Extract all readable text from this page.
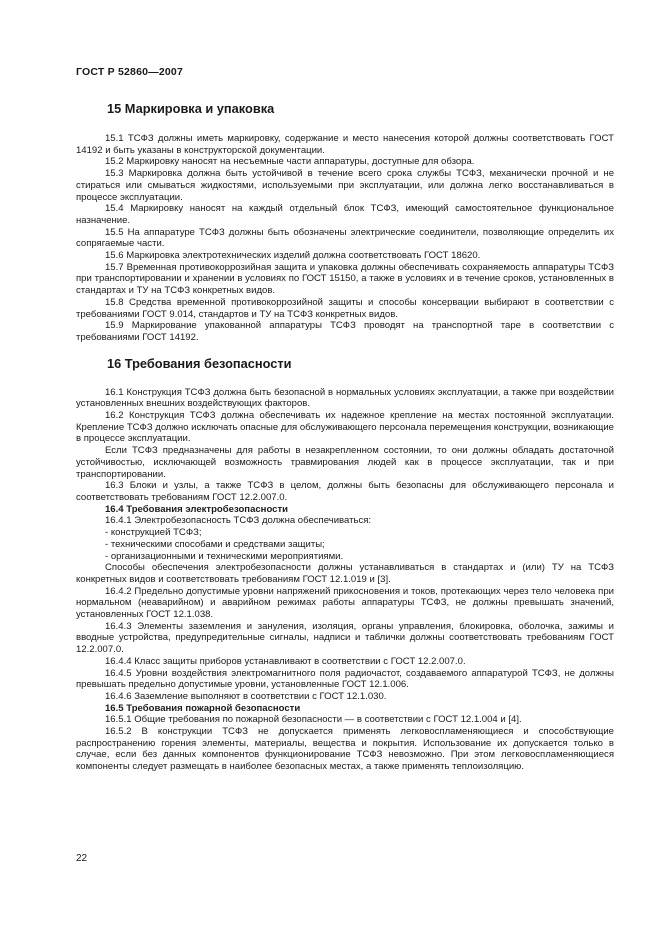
ГОСТ Р 52860—2007
15 Маркировка и упаковка

15.1 ТСФЗ должны иметь маркировку, содержание и место нанесения которой должны соответствовать ГОСТ 14192 и быть указаны в конструкторской документации.

15.2 Маркировку наносят на несъемные части аппаратуры, доступные для обзора.

15.3 Маркировка должна быть устойчивой в течение всего срока службы ТСФЗ, механически прочной и не стираться или смываться жидкостями, используемыми при эксплуатации, или должна легко восстанавливаться в процессе эксплуатации.

15.4 Маркировку наносят на каждый отдельный блок ТСФЗ, имеющий самостоятельное функциональное назначение.

15.5 На аппаратуре ТСФЗ должны быть обозначены электрические соединители, позволяющие определить их сопрягаемые части.

15.6 Маркировка электротехнических изделий должна соответствовать ГОСТ 18620.

15.7 Временная противокоррозийная защита и упаковка должны обеспечивать сохраняемость аппаратуры ТСФЗ при транспортировании и хранении в условиях по ГОСТ 15150, а также в условиях и в течение сроков, установленных в стандартах и ТУ на ТСФЗ конкретных видов.

15.8 Средства временной противокоррозийной защиты и способы консервации выбирают в соответствии с требованиями ГОСТ 9.014, стандартов и ТУ на ТСФЗ конкретных видов.

15.9 Маркирование упакованной аппаратуры ТСФЗ проводят на транспортной таре в соответствии с требованиями ГОСТ 14192.

16 Требования безопасности

16.1 Конструкция ТСФЗ должна быть безопасной в нормальных условиях эксплуатации, а также при воздействии установленных внешних воздействующих факторов.

16.2 Конструкция ТСФЗ должна обеспечивать их надежное крепление на местах постоянной эксплуатации. Крепление ТСФЗ должно исключать опасные для обслуживающего персонала перемещения конструкции, возникающие в процессе эксплуатации.

Если ТСФЗ предназначены для работы в незакрепленном состоянии, то они должны обладать достаточной устойчивостью, исключающей возможность травмирования людей как в процессе эксплуатации, так и при транспортировании.

16.3 Блоки и узлы, а также ТСФЗ в целом, должны быть безопасны для обслуживающего персонала и соответствовать требованиям ГОСТ 12.2.007.0.

16.4 Требования электробезопасности

16.4.1 Электробезопасность ТСФЗ должна обеспечиваться:

- конструкцией ТСФЗ;

- техническими способами и средствами защиты;

- организационными и техническими мероприятиями.

Способы обеспечения электробезопасности должны устанавливаться в стандартах и (или) ТУ на ТСФЗ конкретных видов и соответствовать требованиям ГОСТ 12.1.019 и [3].

16.4.2 Предельно допустимые уровни напряжений прикосновения и токов, протекающих через тело человека при нормальном (неаварийном) и аварийном режимах работы аппаратуры ТСФЗ, не должны превышать значений, установленных ГОСТ 12.1.038.

16.4.3 Элементы заземления и зануления, изоляция, органы управления, блокировка, оболочка, зажимы и вводные устройства, предупредительные сигналы, надписи и таблички должны соответствовать требованиям ГОСТ 12.2.007.0.

16.4.4 Класс защиты приборов устанавливают в соответствии с ГОСТ 12.2.007.0.

16.4.5 Уровни воздействия электромагнитного поля радиочастот, создаваемого аппаратурой ТСФЗ, не должны превышать предельно допустимые уровни, установленные ГОСТ 12.1.006.

16.4.6 Заземление выполняют в соответствии с ГОСТ 12.1.030.

16.5 Требования пожарной безопасности

16.5.1 Общие требования по пожарной безопасности — в соответствии с ГОСТ 12.1.004 и [4].

16.5.2 В конструкции ТСФЗ не допускается применять легковоспламеняющиеся и способствующие распространению горения элементы, материалы, вещества и покрытия. Использование их допускается только в случае, если без данных компонентов функционирование ТСФЗ невозможно. При этом легковоспламеняющиеся компоненты следует размещать в наиболее безопасных местах, а также применять теплоизоляцию.

22
